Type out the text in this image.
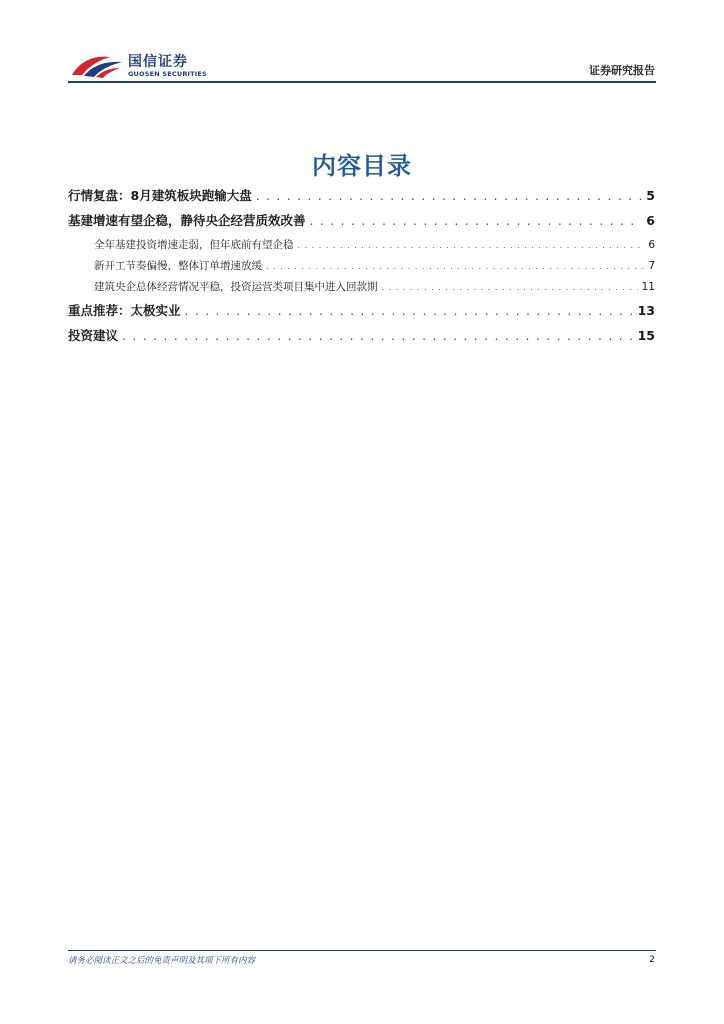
国信证券
GUOSEN SECURITIES	证券研究报告
内容目录
行情复盘：8月建筑板块跑输大盘 . . .	5
基建增速有望企稳，静待央企经营质效改善 . . .	6
全年基建投资增速走弱，但年底前有望企稳 . . .	6
新开工节奏偏慢，整体订单增速放缓 . . .	7
建筑央企总体经营情况平稳，投资运营类项目集中进入回款期 . . .	11
重点推荐：太极实业 . . .	13
投资建议 . . .	15
请务必阅读正文之后的免责声明及其项下所有内容	2
